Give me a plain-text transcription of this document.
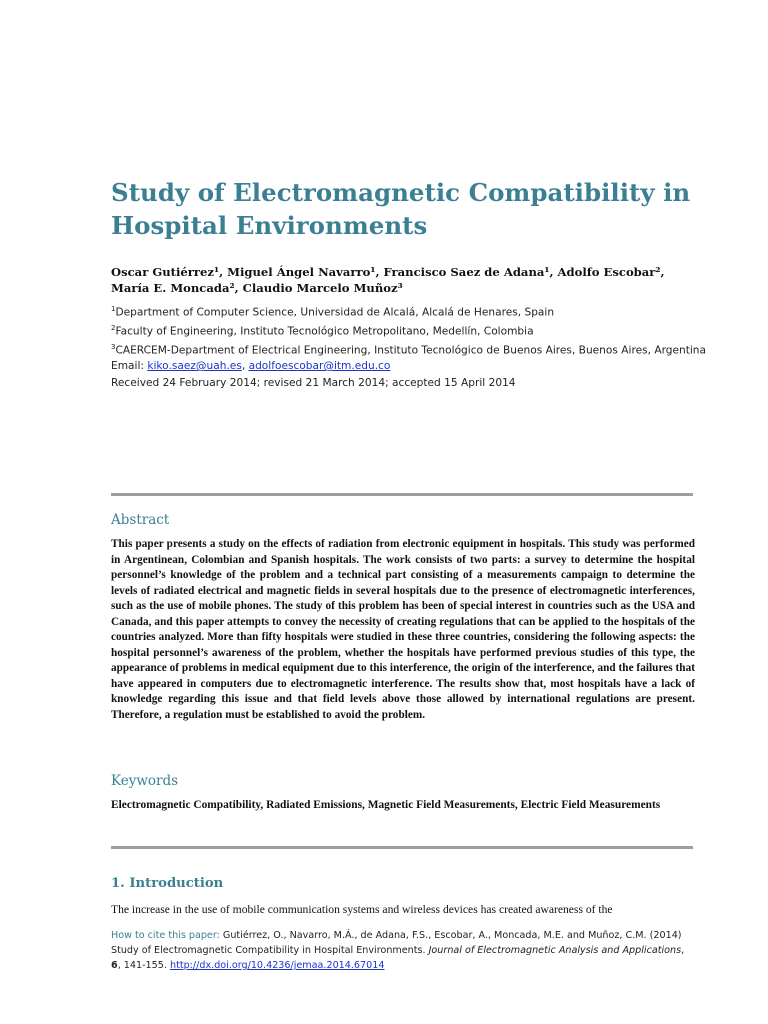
Study of Electromagnetic Compatibility in Hospital Environments
Oscar Gutiérrez¹, Miguel Ángel Navarro¹, Francisco Saez de Adana¹, Adolfo Escobar²,
María E. Moncada², Claudio Marcelo Muñoz³
$^1$Department of Computer Science, Universidad de Alcalá, Alcalá de Henares, Spain
$^2$Faculty of Engineering, Instituto Tecnológico Metropolitano, Medellín, Colombia
$^3$CAERCEM-Department of Electrical Engineering, Instituto Tecnológico de Buenos Aires, Buenos Aires, Argentina
Email: kiko.saez@uah.es, adolfoescobar@itm.edu.co
Received 24 February 2014; revised 21 March 2014; accepted 15 April 2014
Abstract
This paper presents a study on the effects of radiation from electronic equipment in hospitals. This study was performed in Argentinean, Colombian and Spanish hospitals. The work consists of two parts: a survey to determine the hospital personnel’s knowledge of the problem and a technical part consisting of a measurements campaign to determine the levels of radiated electrical and magnetic fields in several hospitals due to the presence of electromagnetic interferences, such as the use of mobile phones. The study of this problem has been of special interest in countries such as the USA and Canada, and this paper attempts to convey the necessity of creating regulations that can be applied to the hospitals of the countries analyzed. More than fifty hospitals were studied in these three countries, considering the following aspects: the hospital personnel’s awareness of the problem, whether the hospitals have performed previous studies of this type, the appearance of problems in medical equipment due to this interference, the origin of the interference, and the failures that have appeared in computers due to electromagnetic interference. The results show that, most hospitals have a lack of knowledge regarding this issue and that field levels above those allowed by international regulations are present. Therefore, a regulation must be established to avoid the problem.
Keywords
Electromagnetic Compatibility, Radiated Emissions, Magnetic Field Measurements, Electric Field Measurements
1. Introduction
The increase in the use of mobile communication systems and wireless devices has created awareness of the
How to cite this paper: Gutiérrez, O., Navarro, M.Á., de Adana, F.S., Escobar, A., Moncada, M.E. and Muñoz, C.M. (2014) Study of Electromagnetic Compatibility in Hospital Environments. Journal of Electromagnetic Analysis and Applications, 6, 141-155. http://dx.doi.org/10.4236/jemaa.2014.67014
